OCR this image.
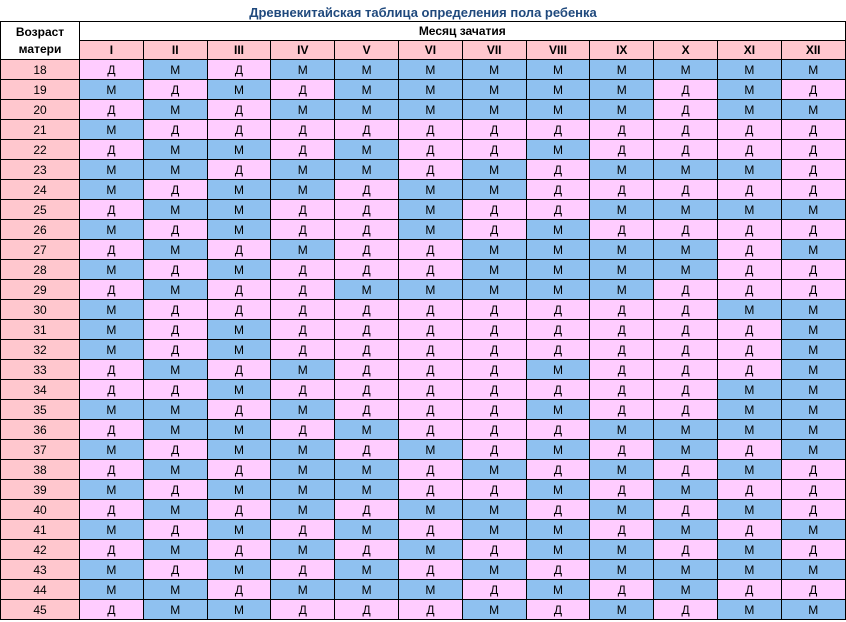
Древнекитайская таблица определения пола ребенка
Возраст
матери	Месяц зачатия											
	I	II	III	IV	V	VI	VII	VIII	IX	X	XI	XII
18	Д	М	Д	М	М	М	М	М	М	М	М	М
19	М	Д	М	Д	М	М	М	М	М	Д	М	Д
20	Д	М	Д	М	М	М	М	М	М	Д	М	М
21	М	Д	Д	Д	Д	Д	Д	Д	Д	Д	Д	Д
22	Д	М	М	Д	М	Д	Д	М	Д	Д	Д	Д
23	М	М	Д	М	М	Д	М	Д	М	М	М	Д
24	М	Д	М	М	Д	М	М	Д	Д	Д	Д	Д
25	Д	М	М	Д	Д	М	Д	Д	М	М	М	М
26	М	Д	М	Д	Д	М	Д	М	Д	Д	Д	Д
27	Д	М	Д	М	Д	Д	М	М	М	М	Д	М
28	М	Д	М	Д	Д	Д	М	М	М	М	Д	Д
29	Д	М	Д	Д	М	М	М	М	М	Д	Д	Д
30	М	Д	Д	Д	Д	Д	Д	Д	Д	Д	М	М
31	М	Д	М	Д	Д	Д	Д	Д	Д	Д	Д	М
32	М	Д	М	Д	Д	Д	Д	Д	Д	Д	Д	М
33	Д	М	Д	М	Д	Д	Д	М	Д	Д	Д	М
34	Д	Д	М	Д	Д	Д	Д	Д	Д	Д	М	М
35	М	М	Д	М	Д	Д	Д	М	Д	Д	М	М
36	Д	М	М	Д	М	Д	Д	Д	М	М	М	М
37	М	Д	М	М	Д	М	Д	М	Д	М	Д	М
38	Д	М	Д	М	М	Д	М	Д	М	Д	М	Д
39	М	Д	М	М	М	Д	Д	М	Д	М	Д	Д
40	Д	М	Д	М	Д	М	М	Д	М	Д	М	Д
41	М	Д	М	Д	М	Д	М	М	Д	М	Д	М
42	Д	М	Д	М	Д	М	Д	М	М	Д	М	Д
43	М	Д	М	Д	М	Д	М	Д	М	М	М	М
44	М	М	Д	М	М	М	Д	М	Д	М	Д	Д
45	Д	М	М	Д	Д	Д	М	Д	М	Д	М	М
